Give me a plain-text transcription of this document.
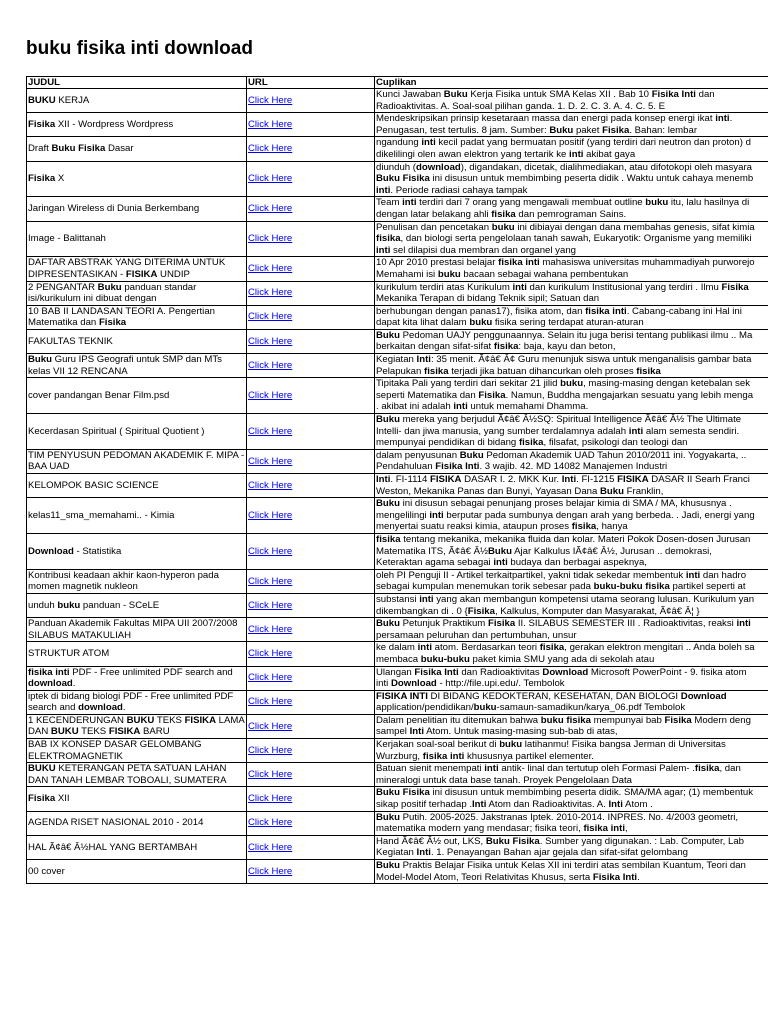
buku fisika inti download
JUDUL	URL	Cuplikan
BUKU KERJA	Click Here	Kunci Jawaban Buku Kerja Fisika untuk SMA Kelas XII . Bab 10 Fisika Inti dan
Radioaktivitas. A. Soal-soal pilihan ganda. 1. D. 2. C. 3. A. 4. C. 5. E
Fisika XII - Wordpress Wordpress	Click Here	Mendeskripsikan prinsip kesetaraan massa dan energi pada konsep energi ikat inti.
Penugasan, test tertulis. 8 jam. Sumber: Buku paket Fisika. Bahan: lembar
Draft Buku Fisika Dasar	Click Here	ngandung inti kecil padat yang bermuatan positif (yang terdiri dari neutron dan proton) d
dikelilingi olen awan elektron yang tertarik ke inti akibat gaya
Fisika X	Click Here	diunduh (download), digandakan, dicetak, dialihmediakan, atau difotokopi oleh masyara
Buku Fisika ini disusun untuk membimbing peserta didik . Waktu untuk cahaya menemb
inti. Periode radiasi cahaya tampak
Jaringan Wireless di Dunia Berkembang	Click Here	Team inti terdiri dari 7 orang yang mengawali membuat outline buku itu, lalu hasilnya di
dengan latar belakang ahli fisika dan pemrograman Sains.
Image - Balittanah	Click Here	Penulisan dan pencetakan buku ini dibiayai dengan dana membahas genesis, sifat kimia
fisika, dan biologi serta pengelolaan tanah sawah, Eukaryotik: Organisme yang memiliki
inti sel dilapisi dua membran dan organel yang
DAFTAR ABSTRAK YANG DITERIMA UNTUK DIPRESENTASIKAN - FISIKA UNDIP	Click Here	10 Apr 2010 prestasi belajar fisika inti mahasiswa universitas muhammadiyah purworejo
Memahami isi buku bacaan sebagai wahana pembentukan
2 PENGANTAR Buku panduan standar isi/kurikulum ini dibuat dengan	Click Here	kurikulum terdiri atas Kurikulum inti dan kurikulum Institusional yang terdiri . Ilmu Fisika
Mekanika Terapan di bidang Teknik sipil; Satuan dan
10 BAB II LANDASAN TEORI A. Pengertian Matematika dan Fisika	Click Here	berhubungan dengan panas17), fisika atom, dan fisika inti. Cabang-cabang ini Hal ini
dapat kita lihat dalam buku fisika sering terdapat aturan-aturan
FAKULTAS TEKNIK	Click Here	Buku Pedoman UAJY penggunaannya. Selain itu juga berisi tentang publikasi ilmu .. Ma
berkaitan dengan sifat-sifat fisika: baja, kayu dan beton,
Buku Guru IPS Geografi untuk SMP dan MTs kelas VII 12 RENCANA	Click Here	Kegiatan Inti: 35 menit. Ã¢â€ Â¢ Guru menunjuk siswa untuk menganalisis gambar bata
Pelapukan fisika terjadi jika batuan dihancurkan oleh proses fisika
cover pandangan Benar Film.psd	Click Here	Tipitaka Pali yang terdiri dari sekitar 21 jilid buku, masing-masing dengan ketebalan sek
seperti Matematika dan Fisika. Namun, Buddha mengajarkan sesuatu yang lebih menga
. akibat ini adalah inti untuk memahami Dhamma.
Kecerdasan Spiritual ( Spiritual Quotient )	Click Here	Buku mereka yang berjudul Ã¢â€ Â½SQ: Spiritual Intelligence Ã¢â€ Â½ The Ultimate
Intelli- dan jiwa manusia, yang sumber terdalamnya adalah inti alam semesta sendiri.
mempunyai pendidikan di bidang fisika, filsafat, psikologi dan teologi dan
TIM PENYUSUN PEDOMAN AKADEMIK F. MIPA - BAA UAD	Click Here	dalam penyusunan Buku Pedoman Akademik UAD Tahun 2010/2011 ini. Yogyakarta, ..
Pendahuluan Fisika Inti. 3 wajib. 42. MD 14082 Manajemen Industri
KELOMPOK BASIC SCIENCE	Click Here	Inti. FI-1114 FISIKA DASAR I. 2. MKK Kur. Inti. FI-1215 FISIKA DASAR II Searh Franci
Weston, Mekanika Panas dan Bunyi, Yayasan Dana Buku Franklin,
kelas11_sma_memahami.. - Kimia	Click Here	Buku ini disusun sebagai penunjang proses belajar kimia di SMA / MA, khususnya .
mengelilingi inti berputar pada sumbunya dengan arah yang berbeda. . Jadi, energi yang
menyertai suatu reaksi kimia, ataupun proses fisika, hanya
Download - Statistika	Click Here	fisika tentang mekanika, mekanika fluida dan kolar. Materi Pokok Dosen-dosen Jurusan
Matematika ITS, Ã¢â€ Â½Buku Ajar Kalkulus IÃ¢â€ Â½, Jurusan .. demokrasi,
Keteraktan agama sebagai inti budaya dan berbagai aspeknya,
Kontribusi keadaan akhir kaon-hyperon pada momen magnetik nukleon	Click Here	oleh PI Penguji II - Artikel terkaitpartikel, yakni tidak sekedar membentuk inti dan hadro
sebagai kumpulan menemukan torik sebesar pada buku-buku fisika partikel seperti at
unduh buku panduan - SCeLE	Click Here	substansi inti yang akan membangun kompetensi utama seorang lulusan. Kurikulum yan
dikembangkan di . 0 {Fisika, Kalkulus, Komputer dan Masyarakat, Ã¢â€ Â¦ }
Panduan Akademik Fakultas MIPA UII 2007/2008 SILABUS MATAKULIAH	Click Here	Buku Petunjuk Praktikum Fisika II. SILABUS SEMESTER III . Radioaktivitas, reaksi inti
persamaan peluruhan dan pertumbuhan, unsur
STRUKTUR ATOM	Click Here	ke dalam inti atom. Berdasarkan teori fisika, gerakan elektron mengitari .. Anda boleh sa
membaca buku-buku paket kimia SMU yang ada di sekolah atau
fisika inti PDF - Free unlimited PDF search and download.	Click Here	Ulangan Fisika Inti dan Radioaktivitas Download Microsoft PowerPoint - 9. fisika atom
inti Download - http://file.upi.edu/. Tembolok
iptek di bidang biologi PDF - Free unlimited PDF search and download.	Click Here	FISIKA INTI DI BIDANG KEDOKTERAN, KESEHATAN, DAN BIOLOGI Download
application/pendidikan/buku-samaun-samadikun/karya_06.pdf Tembolok
1 KECENDERUNGAN BUKU TEKS FISIKA LAMA DAN BUKU TEKS FISIKA BARU	Click Here	Dalam penelitian itu ditemukan bahwa buku fisika mempunyai bab Fisika Modern deng
sampel Inti Atom. Untuk masing-masing sub-bab di atas,
BAB IX KONSEP DASAR GELOMBANG ELEKTROMAGNETIK	Click Here	Kerjakan soal-soal berikut di buku latihanmu! Fisika bangsa Jerman di Universitas
Wurzburg, fisika inti khususnya partikel elementer.
BUKU KETERANGAN PETA SATUAN LAHAN DAN TANAH LEMBAR TOBOALI, SUMATERA	Click Here	Batuan sienit menempati inti antik- linal dan tertutup oleh Formasi Palem- .fisika, dan
mineralogi untuk data base tanah. Proyek Pengelolaan Data
Fisika XII	Click Here	Buku Fisika ini disusun untuk membimbing peserta didik. SMA/MA agar; (1) membentuk
sikap positif terhadap .Inti Atom dan Radioaktivitas. A. Inti Atom .
AGENDA RISET NASIONAL 2010 - 2014	Click Here	Buku Putih. 2005-2025. Jakstranas Iptek. 2010-2014. INPRES. No. 4/2003 geometri,
matematika modern yang mendasar; fisika teori, fisika inti,
HAL Ã¢â€ Â½HAL YANG BERTAMBAH	Click Here	Hand Ã¢â€ Â½ out, LKS, Buku Fisika. Sumber yang digunakan. : Lab. Computer, Lab
Kegiatan Inti. 1. Penayangan Bahan ajar gejala dan sifat-sifat gelombang
00 cover	Click Here	Buku Praktis Belajar Fisika untuk Kelas XII ini terdiri atas sembilan Kuantum, Teori dan
Model-Model Atom, Teori Relativitas Khusus, serta Fisika Inti.
